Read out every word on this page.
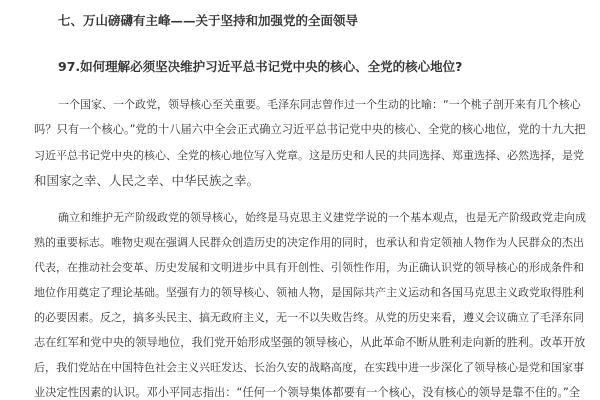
七、万山磅礴有主峰——关于坚持和加强党的全面领导
97.如何理解必须坚决维护习近平总书记党中央的核心、全党的核心地位?
一个国家、一个政党，领导核心至关重要。毛泽东同志曾作过一个生动的比喻：“一个桃子剖开来有几个核心
吗？只有一个核心。”党的十八届六中全会正式确立习近平总书记党中央的核心、全党的核心地位，党的十九大把
习近平总书记党中央的核心、全党的核心地位写入党章。这是历史和人民的共同选择、郑重选择、必然选择，是党
和国家之幸、人民之幸、中华民族之幸。
确立和维护无产阶级政党的领导核心，始终是马克思主义建党学说的一个基本观点，也是无产阶级政党走向成
熟的重要标志。唯物史观在强调人民群众创造历史的决定作用的同时，也承认和肯定领袖人物作为人民群众的杰出
代表，在推动社会变革、历史发展和文明进步中具有开创性、引领性作用，为正确认识党的领导核心的形成条件和
地位作用奠定了理论基础。坚强有力的领导核心、领袖人物，是国际共产主义运动和各国马克思主义政党取得胜利
的必要因素。反之，搞多头民主、搞无政府主义，无一不以失败告终。从党的历史来看，遵义会议确立了毛泽东同
志在红军和党中央的领导地位，我们党开始形成坚强的领导核心，从此革命不断从胜利走向新的胜利。改革开放
后，我们党站在中国特色社会主义兴旺发达、长治久安的战略高度，在实践中进一步深化了领导核心是党和国家事
业决定性因素的认识。邓小平同志指出：“任何一个领导集体都要有一个核心，没有核心的领导是靠不住的。”全
